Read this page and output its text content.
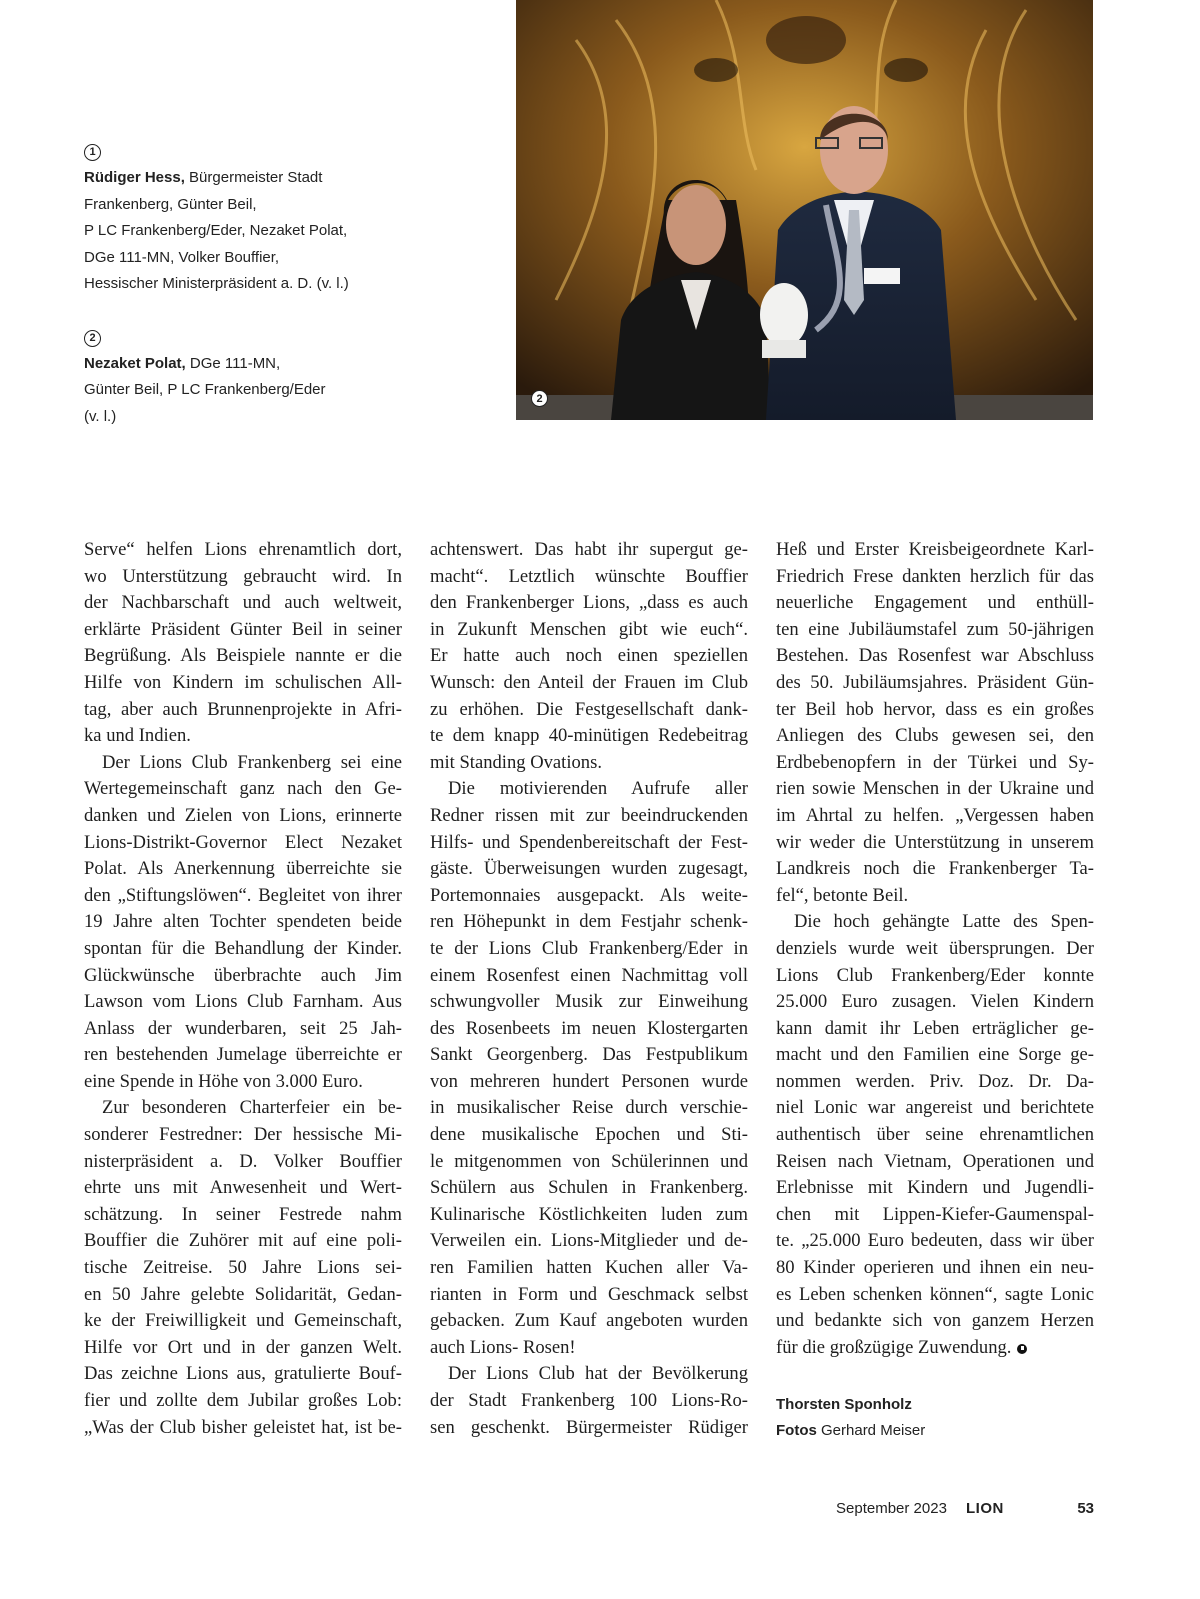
1
Rüdiger Hess, Bürgermeister Stadt
Frankenberg, Günter Beil,
P LC Frankenberg/Eder, Nezaket Polat,
DGe 111-MN, Volker Bouffier,
Hessischer Ministerpräsident a. D. (v. l.)
2
Nezaket Polat, DGe 111-MN,
Günter Beil, P LC Frankenberg/Eder
(v. l.)
2
Serve“ helfen Lions ehrenamtlich dort,
wo Unterstützung gebraucht wird. In
der Nachbarschaft und auch weltweit,
erklärte Präsident Günter Beil in seiner
Begrüßung. Als Beispiele nannte er die
Hilfe von Kindern im schulischen All-
tag, aber auch Brunnenprojekte in Afri-
ka und Indien.
Der Lions Club Frankenberg sei eine
Wertegemeinschaft ganz nach den Ge-
danken und Zielen von Lions, erinnerte
Lions-Distrikt-Governor Elect Nezaket
Polat. Als Anerkennung überreichte sie
den „Stiftungslöwen“. Begleitet von ihrer
19 Jahre alten Tochter spendeten beide
spontan für die Behandlung der Kinder.
Glückwünsche überbrachte auch Jim
Lawson vom Lions Club Farnham. Aus
Anlass der wunderbaren, seit 25 Jah-
ren bestehenden Jumelage überreichte er
eine Spende in Höhe von 3.000 Euro.
Zur besonderen Charterfeier ein be-
sonderer Festredner: Der hessische Mi-
nisterpräsident a. D. Volker Bouffier
ehrte uns mit Anwesenheit und Wert-
schätzung. In seiner Festrede nahm
Bouffier die Zuhörer mit auf eine poli-
tische Zeitreise. 50 Jahre Lions sei-
en 50 Jahre gelebte Solidarität, Gedan-
ke der Freiwilligkeit und Gemeinschaft,
Hilfe vor Ort und in der ganzen Welt.
Das zeichne Lions aus, gratulierte Bouf-
fier und zollte dem Jubilar großes Lob:
„Was der Club bisher geleistet hat, ist be-
achtenswert. Das habt ihr supergut ge-
macht“. Letztlich wünschte Bouffier
den Frankenberger Lions, „dass es auch
in Zukunft Menschen gibt wie euch“.
Er hatte auch noch einen speziellen
Wunsch: den Anteil der Frauen im Club
zu erhöhen. Die Festgesellschaft dank-
te dem knapp 40-minütigen Redebeitrag
mit Standing Ovations.
Die motivierenden Aufrufe aller
Redner rissen mit zur beeindruckenden
Hilfs- und Spendenbereitschaft der Fest-
gäste. Überweisungen wurden zugesagt,
Portemonnaies ausgepackt. Als weite-
ren Höhepunkt in dem Festjahr schenk-
te der Lions Club Frankenberg/Eder in
einem Rosenfest einen Nachmittag voll
schwungvoller Musik zur Einweihung
des Rosenbeets im neuen Klostergarten
Sankt Georgenberg. Das Festpublikum
von mehreren hundert Personen wurde
in musikalischer Reise durch verschie-
dene musikalische Epochen und Sti-
le mitgenommen von Schülerinnen und
Schülern aus Schulen in Frankenberg.
Kulinarische Köstlichkeiten luden zum
Verweilen ein. Lions-Mitglieder und de-
ren Familien hatten Kuchen aller Va-
rianten in Form und Geschmack selbst
gebacken. Zum Kauf angeboten wurden
auch Lions- Rosen!
Der Lions Club hat der Bevölkerung
der Stadt Frankenberg 100 Lions-Ro-
sen geschenkt. Bürgermeister Rüdiger
Heß und Erster Kreisbeigeordnete Karl-
Friedrich Frese dankten herzlich für das
neuerliche Engagement und enthüll-
ten eine Jubiläumstafel zum 50-jährigen
Bestehen. Das Rosenfest war Abschluss
des 50. Jubiläumsjahres. Präsident Gün-
ter Beil hob hervor, dass es ein großes
Anliegen des Clubs gewesen sei, den
Erdbebenopfern in der Türkei und Sy-
rien sowie Menschen in der Ukraine und
im Ahrtal zu helfen. „Vergessen haben
wir weder die Unterstützung in unserem
Landkreis noch die Frankenberger Ta-
fel“, betonte Beil.
Die hoch gehängte Latte des Spen-
denziels wurde weit übersprungen. Der
Lions Club Frankenberg/Eder konnte
25.000 Euro zusagen. Vielen Kindern
kann damit ihr Leben erträglicher ge-
macht und den Familien eine Sorge ge-
nommen werden. Priv. Doz. Dr. Da-
niel Lonic war angereist und berichtete
authentisch über seine ehrenamtlichen
Reisen nach Vietnam, Operationen und
Erlebnisse mit Kindern und Jugendli-
chen mit Lippen-Kiefer-Gaumenspal-
te. „25.000 Euro bedeuten, dass wir über
80 Kinder operieren und ihnen ein neu-
es Leben schenken können“, sagte Lonic
und bedankte sich von ganzem Herzen
für die großzügige Zuwendung.
Thorsten Sponholz
Fotos Gerhard Meiser
September 2023 LION	53
